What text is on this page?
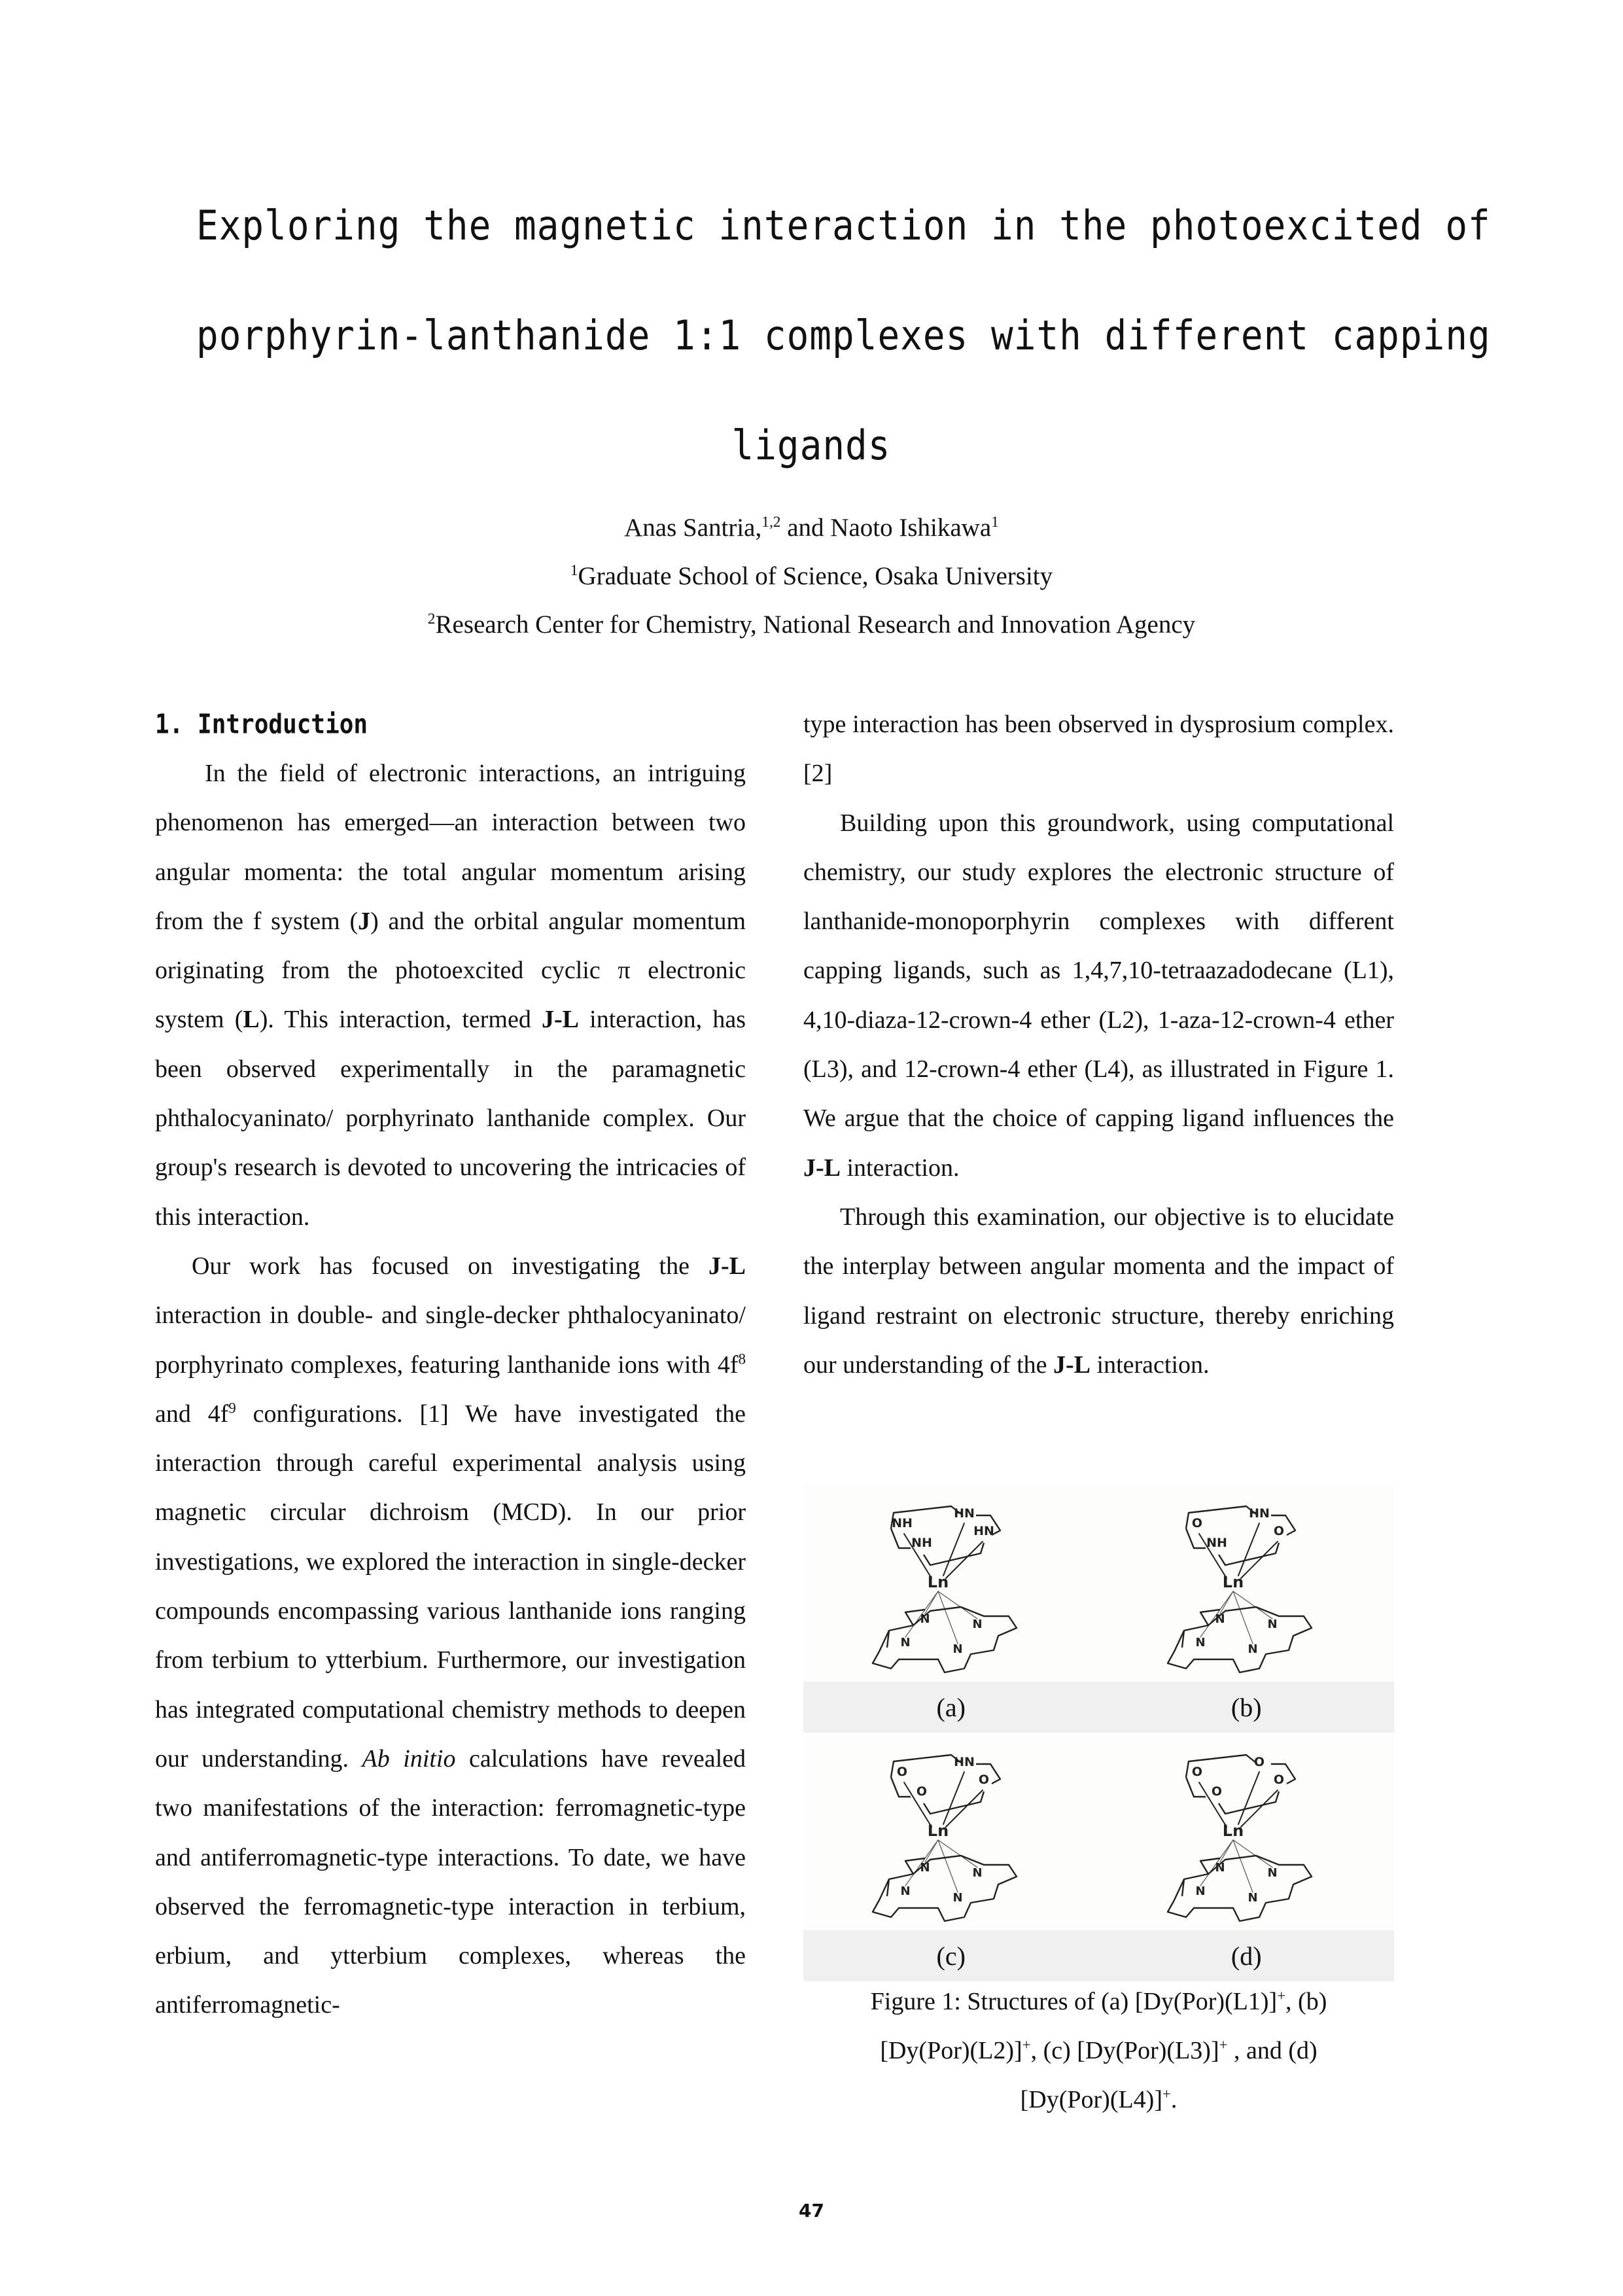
Exploring the magnetic interaction in the photoexcited of
porphyrin-lanthanide 1:1 complexes with different capping
ligands
Anas Santria,$^{1,2}$ and Naoto Ishikawa$^1$
$^1$Graduate School of Science, Osaka University
$^2$Research Center for Chemistry, National Research and Innovation Agency
1. Introduction

In the field of electronic interactions, an intriguing phenomenon has emerged—an interaction between two angular momenta: the total angular momentum arising from the f system (J) and the orbital angular momentum originating from the photoexcited cyclic π electronic system (L). This interaction, termed J-L interaction, has been observed experimentally in the paramagnetic phthalocyaninato/ porphyrinato lanthanide complex. Our group's research is devoted to uncovering the intricacies of this interaction.

Our work has focused on investigating the J-L interaction in double- and single-decker phthalocyaninato/ porphyrinato complexes, featuring lanthanide ions with $4f^8$ and $4f^9$ configurations. [1] We have investigated the interaction through careful experimental analysis using magnetic circular dichroism (MCD). In our prior investigations, we explored the interaction in single-decker compounds encompassing various lanthanide ions ranging from terbium to ytterbium. Furthermore, our investigation has integrated computational chemistry methods to deepen our understanding. Ab initio calculations have revealed two manifestations of the interaction: ferromagnetic-type and antiferromagnetic-type interactions. To date, we have observed the ferromagnetic-type interaction in terbium, erbium, and ytterbium complexes, whereas the antiferromagnetic-

type interaction has been observed in dysprosium complex.[2]

Building upon this groundwork, using computational chemistry, our study explores the electronic structure of lanthanide-monoporphyrin complexes with different capping ligands, such as 1,4,7,10-tetraazadodecane (L1), 4,10-diaza-12-crown-4 ether (L2), 1-aza-12-crown-4 ether (L3), and 12-crown-4 ether (L4), as illustrated in Figure 1. We argue that the choice of capping ligand influences the J-L interaction.

Through this examination, our objective is to elucidate the interplay between angular momenta and the impact of ligand restraint on electronic structure, thereby enriching our understanding of the J-L interaction.

NH
HN
NH
HN
Ln
N	N
N	N
O
HN
NH
O
Ln
N	N
N	N
(a)	(b)
O
HN
O
O
Ln
N	N
N	N
O
O
O
O
Ln
N	N
N	N
(c)	(d)
Figure 1: Structures of (a) [Dy(Por)(L1)]+, (b)
[Dy(Por)(L2)]+, (c) [Dy(Por)(L3)]+ , and (d)
[Dy(Por)(L4)]+.
47
